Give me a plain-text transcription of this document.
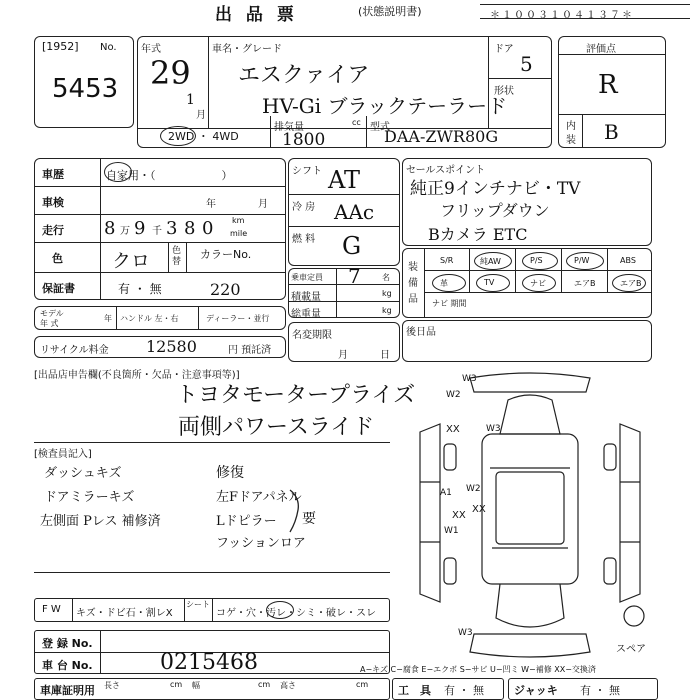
出 品 票	(状態説明書)	＊１００３１０４１３７＊
[1952] No.
5453
年式
29
1
月
車名・グレード
エスクァイア
HV-Gi ブラックテーラード
ドア
5
形状
2WD ・ 4WD
排気量	cc
1800
型式
DAA-ZWR80G
評価点
R
内
装 B
車歴	自家用・（　　　　　　）
車検	年	月
走行 8 万 9 千 3 8 0 km
mile
色	クロ 色 替
カラーNo.
保証書	有 ・ 無	220
モデル
年 式
年 ハンドル 左・右	ディーラー・並行
リサイクル料金 12580	円 預託済
シフト AT
冷 房 AAc
燃 料 G
乗車定員 7	名
積載量	kg
総重量	kg
名変期限
月	日
セールスポイント
純正9インチナビ・TV
フリップダウン
Bカメラ ETC
装
備
品
S/R	純AW	P/S	P/W	ABS
革	TV	ナビ	エアB	エアB
ナビ 期間
後日品
[出品店申告欄(不良箇所・欠品・注意事項等)]
トヨタモータープライズ
両側パワースライド
[検査員記入]
ダッシュキズ
ドアミラーキズ
左側面 Pレス 補修済
修復
左Fドアパネル
Lドピラー
フッションロア
要
F W キズ・ドビ石・割レX
シート
コゲ・穴・汚レ・シミ・破レ・スレ
登 録 No.
車 台 No.	0215468
車庫証明用 長さ	cm 幅	cm 高さ	cm	工　具 有 ・ 無	ジャッキ 有 ・ 無
W3
W3
XX
XX
A1 W2
W1
XX
W3
W2
スペア
A−キズ C−腐食 E−エクボ S−サビ U−凹ミ W−補修 XX−交換済
